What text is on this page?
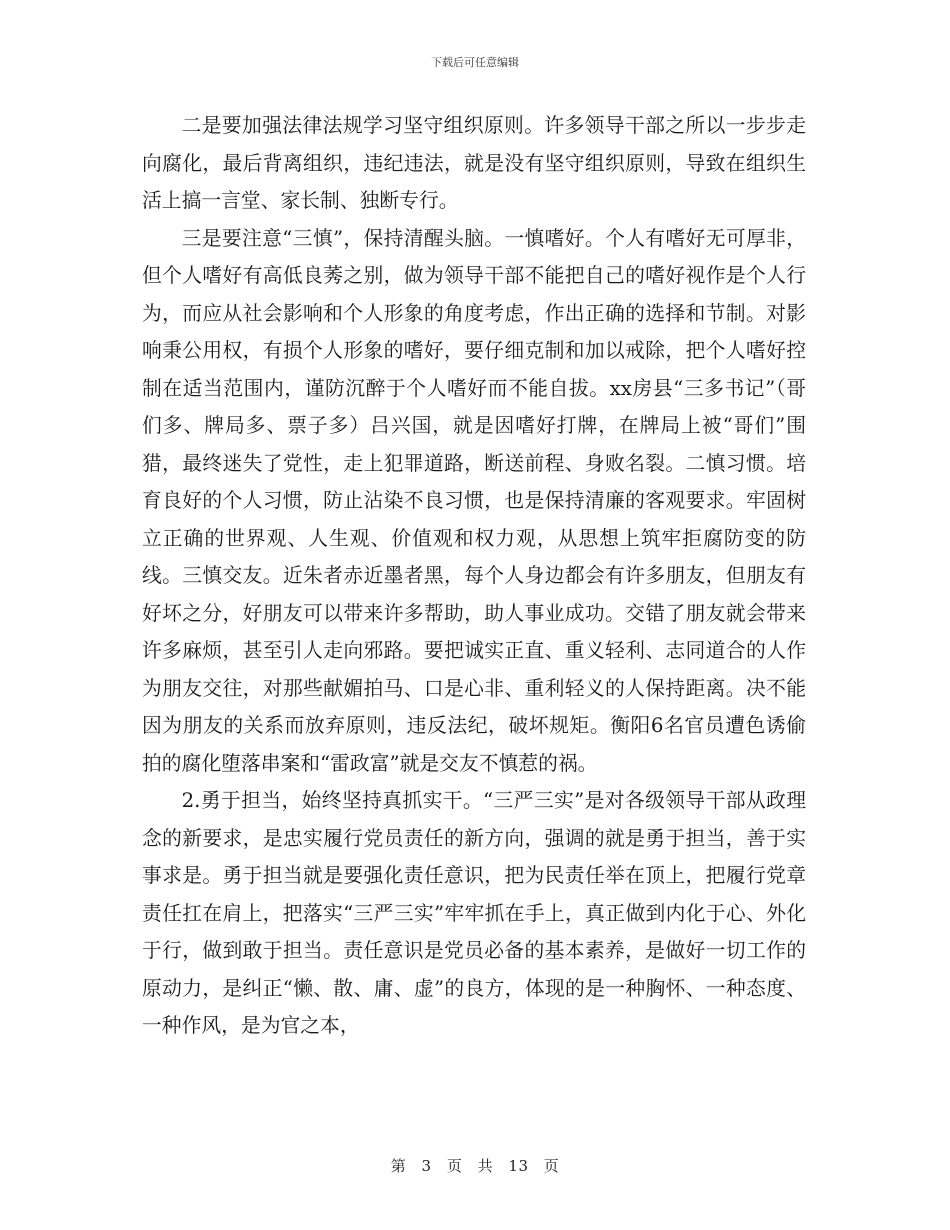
下载后可任意编辑

二是要加强法律法规学习坚守组织原则。许多领导干部之所以一步步走向腐化，最后背离组织，违纪违法，就是没有坚守组织原则，导致在组织生活上搞一言堂、家长制、独断专行。

三是要注意“三慎”，保持清醒头脑。一慎嗜好。个人有嗜好无可厚非，但个人嗜好有高低良莠之别，做为领导干部不能把自己的嗜好视作是个人行为，而应从社会影响和个人形象的角度考虑，作出正确的选择和节制。对影响秉公用权，有损个人形象的嗜好，要仔细克制和加以戒除，把个人嗜好控制在适当范围内，谨防沉醉于个人嗜好而不能自拔。xx房县“三多书记”（哥们多、牌局多、票子多）吕兴国，就是因嗜好打牌，在牌局上被“哥们”围猎，最终迷失了党性，走上犯罪道路，断送前程、身败名裂。二慎习惯。培育良好的个人习惯，防止沾染不良习惯，也是保持清廉的客观要求。牢固树立正确的世界观、人生观、价值观和权力观，从思想上筑牢拒腐防变的防线。三慎交友。近朱者赤近墨者黑，每个人身边都会有许多朋友，但朋友有好坏之分，好朋友可以带来许多帮助，助人事业成功。交错了朋友就会带来许多麻烦，甚至引人走向邪路。要把诚实正直、重义轻利、志同道合的人作为朋友交往，对那些献媚拍马、口是心非、重利轻义的人保持距离。决不能因为朋友的关系而放弃原则，违反法纪，破坏规矩。衡阳6名官员遭色诱偷拍的腐化堕落串案和“雷政富”就是交友不慎惹的祸。

2.勇于担当，始终坚持真抓实干。“三严三实”是对各级领导干部从政理念的新要求，是忠实履行党员责任的新方向，强调的就是勇于担当，善于实事求是。勇于担当就是要强化责任意识，把为民责任举在顶上，把履行党章责任扛在肩上，把落实“三严三实”牢牢抓在手上，真正做到内化于心、外化于行，做到敢于担当。责任意识是党员必备的基本素养，是做好一切工作的原动力，是纠正“懒、散、庸、虚”的良方，体现的是一种胸怀、一种态度、一种作风，是为官之本，

第 3 页 共 13 页
